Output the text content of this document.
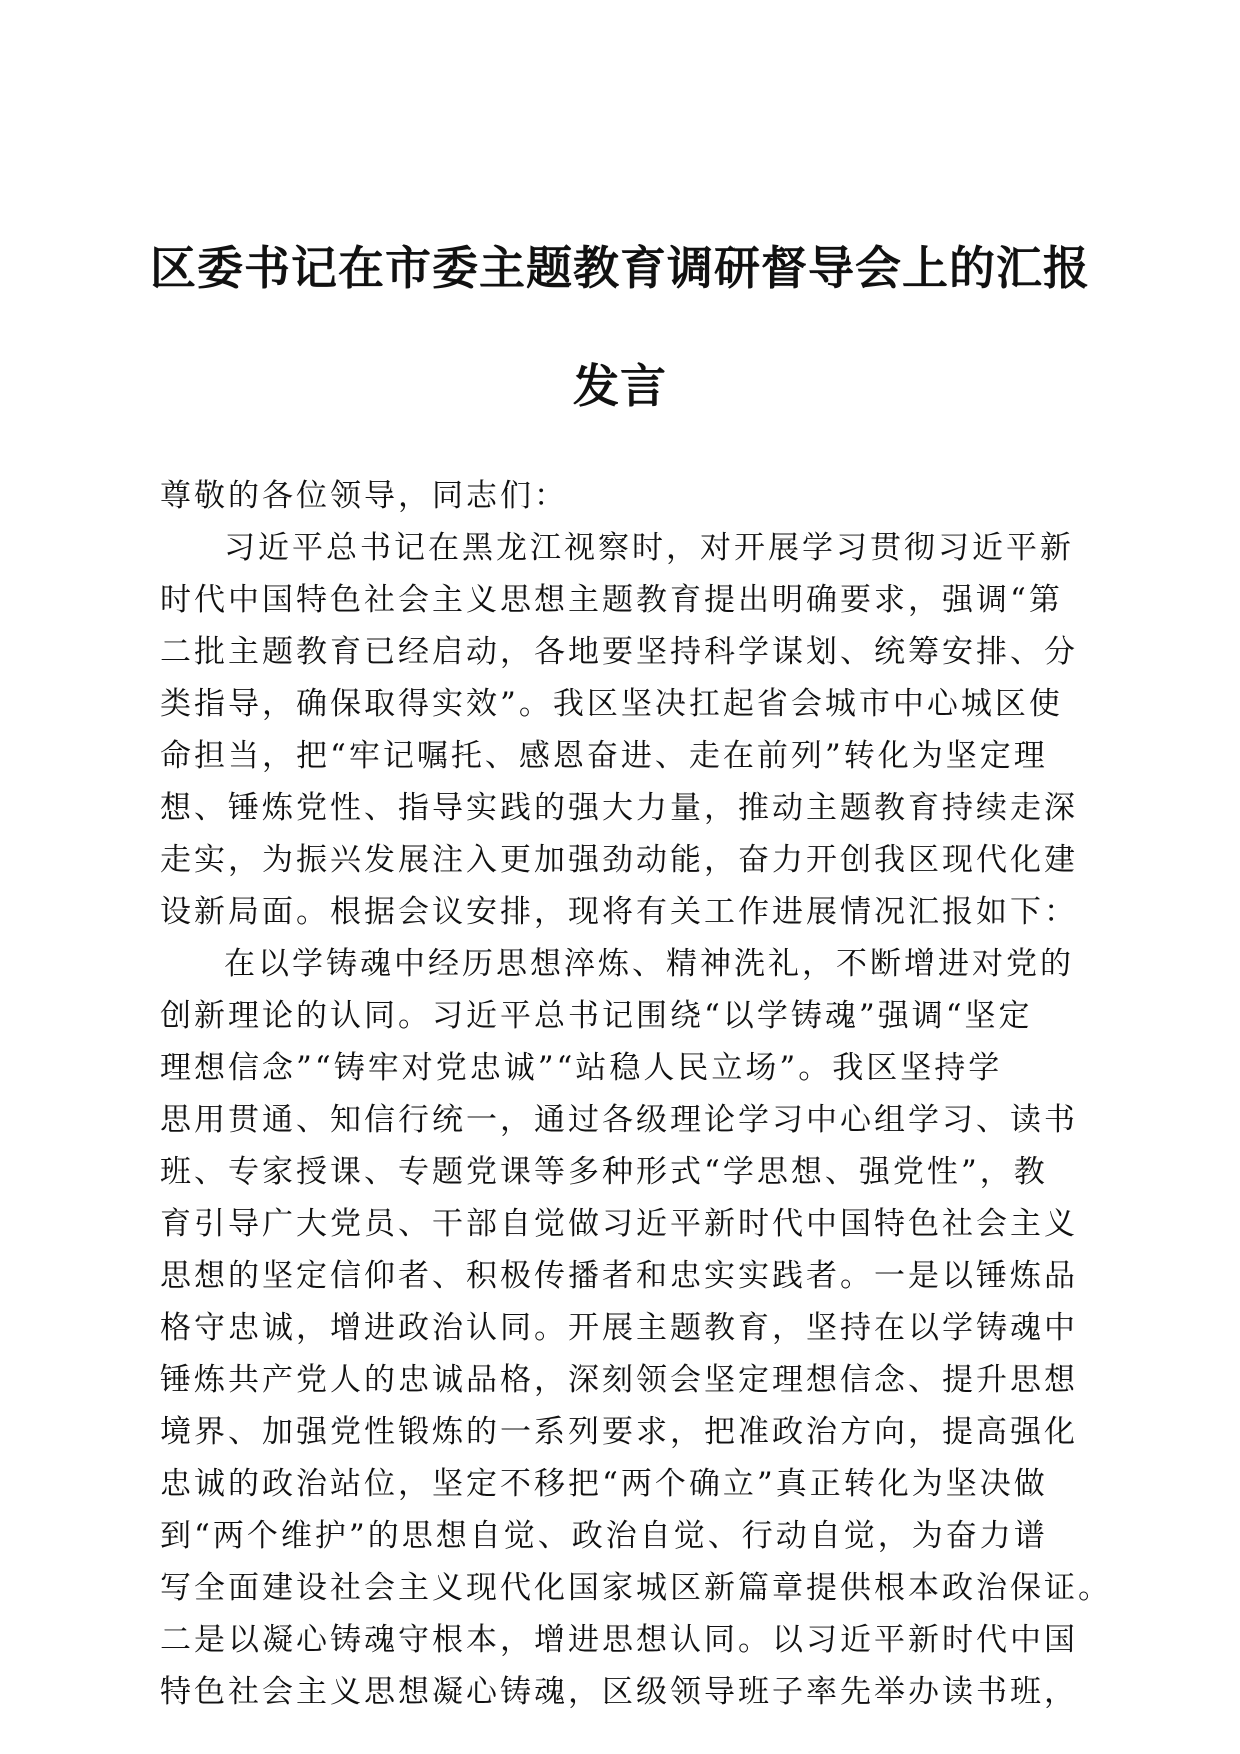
区委书记在市委主题教育调研督导会上的汇报
发言
尊敬的各位领导，同志们：
习近平总书记在黑龙江视察时，对开展学习贯彻习近平新
时代中国特色社会主义思想主题教育提出明确要求，强调“第
二批主题教育已经启动，各地要坚持科学谋划、统筹安排、分
类指导，确保取得实效”。我区坚决扛起省会城市中心城区使
命担当，把“牢记嘱托、感恩奋进、走在前列”转化为坚定理
想、锤炼党性、指导实践的强大力量，推动主题教育持续走深
走实，为振兴发展注入更加强劲动能，奋力开创我区现代化建
设新局面。根据会议安排，现将有关工作进展情况汇报如下：
在以学铸魂中经历思想淬炼、精神洗礼，不断增进对党的
创新理论的认同。习近平总书记围绕“以学铸魂”强调“坚定
理想信念”“铸牢对党忠诚”“站稳人民立场”。我区坚持学
思用贯通、知信行统一，通过各级理论学习中心组学习、读书
班、专家授课、专题党课等多种形式“学思想、强党性”，教
育引导广大党员、干部自觉做习近平新时代中国特色社会主义
思想的坚定信仰者、积极传播者和忠实实践者。一是以锤炼品
格守忠诚，增进政治认同。开展主题教育，坚持在以学铸魂中
锤炼共产党人的忠诚品格，深刻领会坚定理想信念、提升思想
境界、加强党性锻炼的一系列要求，把准政治方向，提高强化
忠诚的政治站位，坚定不移把“两个确立”真正转化为坚决做
到“两个维护”的思想自觉、政治自觉、行动自觉，为奋力谱
写全面建设社会主义现代化国家城区新篇章提供根本政治保证。
二是以凝心铸魂守根本，增进思想认同。以习近平新时代中国
特色社会主义思想凝心铸魂，区级领导班子率先举办读书班，
